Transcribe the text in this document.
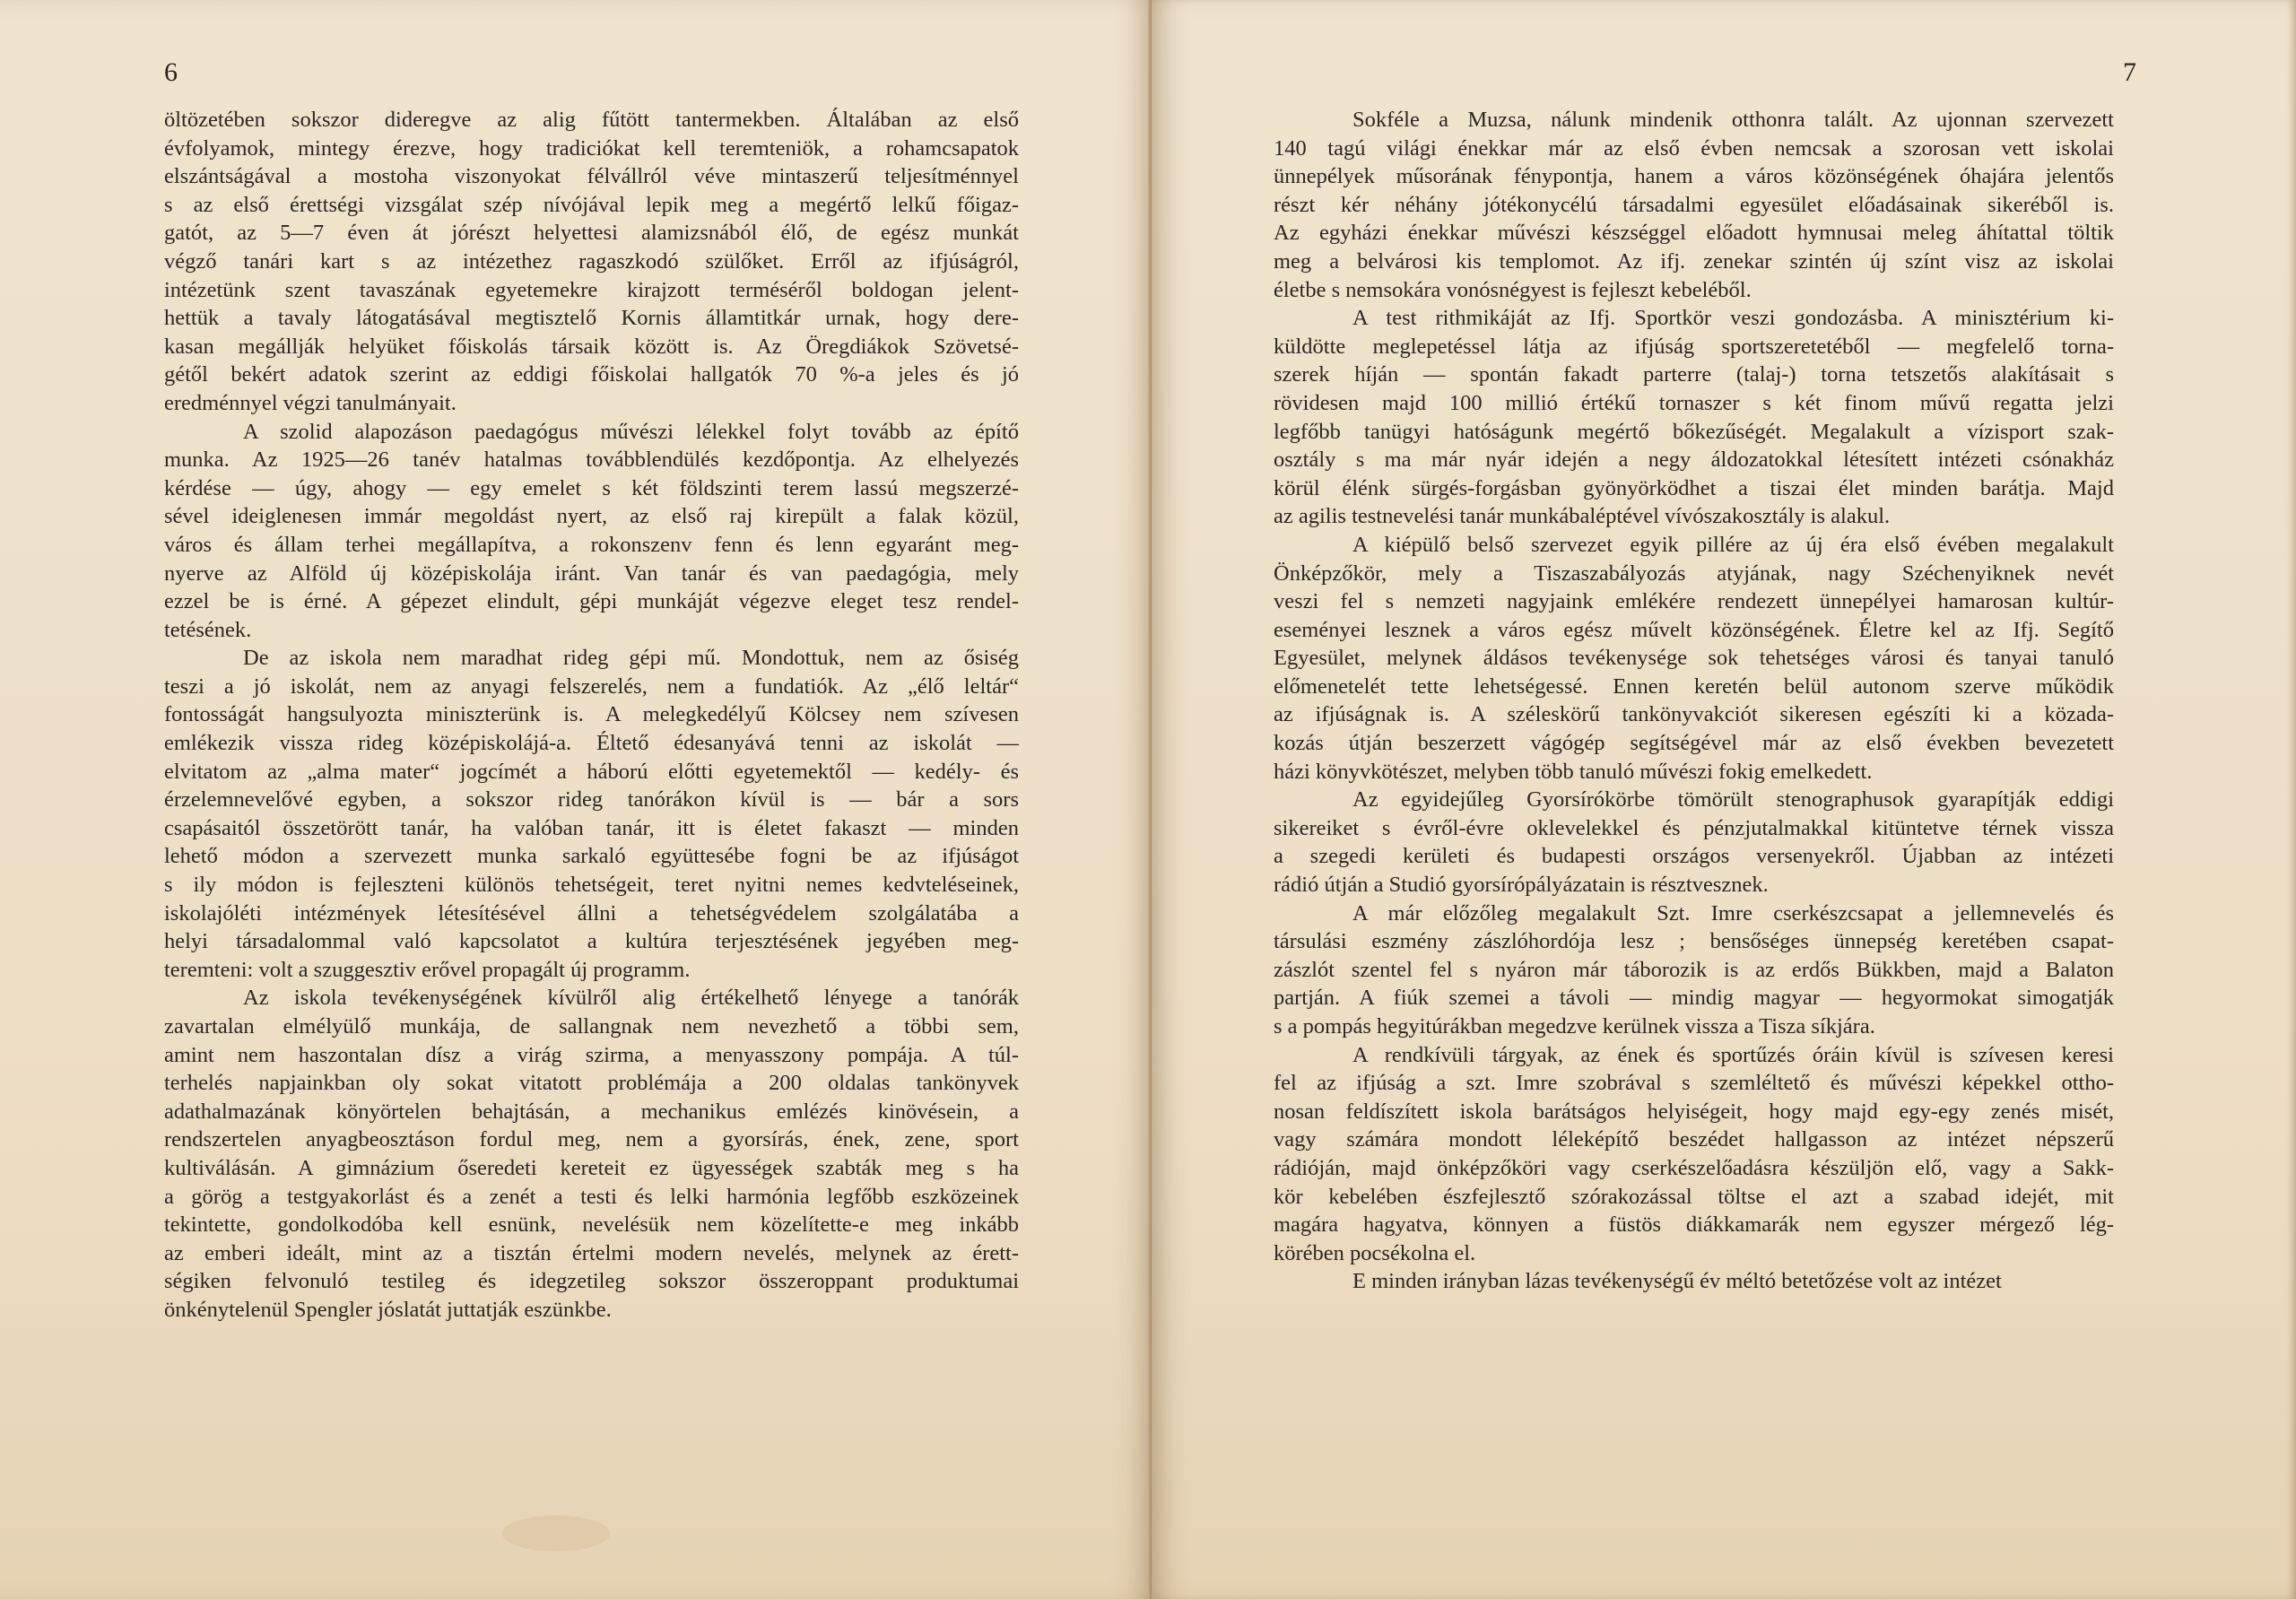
6
öltözetében sokszor dideregve az alig fűtött tantermekben. Általában az első
évfolyamok, mintegy érezve, hogy tradiciókat kell teremteniök, a rohamcsapatok
elszántságával a mostoha viszonyokat félvállról véve mintaszerű teljesítménnyel
s az első érettségi vizsgálat szép nívójával lepik meg a megértő lelkű főigaz-
gatót, az 5—7 éven át jórészt helyettesi alamizsnából élő, de egész munkát
végző tanári kart s az intézethez ragaszkodó szülőket. Erről az ifjúságról,
intézetünk szent tavaszának egyetemekre kirajzott terméséről boldogan jelent-
hettük a tavaly látogatásával megtisztelő Kornis államtitkár urnak, hogy dere-
kasan megállják helyüket főiskolás társaik között is. Az Öregdiákok Szövetsé-
gétől bekért adatok szerint az eddigi főiskolai hallgatók 70 %-a jeles és jó
eredménnyel végzi tanulmányait.
A szolid alapozáson paedagógus művészi lélekkel folyt tovább az építő
munka. Az 1925—26 tanév hatalmas továbblendülés kezdőpontja. Az elhelyezés
kérdése — úgy, ahogy — egy emelet s két földszinti terem lassú megszerzé-
sével ideiglenesen immár megoldást nyert, az első raj kirepült a falak közül,
város és állam terhei megállapítva, a rokonszenv fenn és lenn egyaránt meg-
nyerve az Alföld új középiskolája iránt. Van tanár és van paedagógia, mely
ezzel be is érné. A gépezet elindult, gépi munkáját végezve eleget tesz rendel-
tetésének.
De az iskola nem maradhat rideg gépi mű. Mondottuk, nem az ősiség
teszi a jó iskolát, nem az anyagi felszerelés, nem a fundatiók. Az „élő leltár“
fontosságát hangsulyozta miniszterünk is. A melegkedélyű Kölcsey nem szívesen
emlékezik vissza rideg középiskolájá-a. Éltető édesanyává tenni az iskolát —
elvitatom az „alma mater“ jogcímét a háború előtti egyetemektől — kedély- és
érzelemnevelővé egyben, a sokszor rideg tanórákon kívül is — bár a sors
csapásaitól összetörött tanár, ha valóban tanár, itt is életet fakaszt — minden
lehető módon a szervezett munka sarkaló együttesébe fogni be az ifjúságot
s ily módon is fejleszteni különös tehetségeit, teret nyitni nemes kedvteléseinek,
iskolajóléti intézmények létesítésével állni a tehetségvédelem szolgálatába a
helyi társadalommal való kapcsolatot a kultúra terjesztésének jegyében meg-
teremteni: volt a szuggesztiv erővel propagált új programm.
Az iskola tevékenységének kívülről alig értékelhető lényege a tanórák
zavartalan elmélyülő munkája, de sallangnak nem nevezhető a többi sem,
amint nem haszontalan dísz a virág szirma, a menyasszony pompája. A túl-
terhelés napjainkban oly sokat vitatott problémája a 200 oldalas tankönyvek
adathalmazának könyörtelen behajtásán, a mechanikus emlézés kinövésein, a
rendszertelen anyagbeosztáson fordul meg, nem a gyorsírás, ének, zene, sport
kultiválásán. A gimnázium őseredeti kereteit ez ügyességek szabták meg s ha
a görög a testgyakorlást és a zenét a testi és lelki harmónia legfőbb eszközeinek
tekintette, gondolkodóba kell esnünk, nevelésük nem közelítette-e meg inkább
az emberi ideált, mint az a tisztán értelmi modern nevelés, melynek az érett-
ségiken felvonuló testileg és idegzetileg sokszor összeroppant produktumai
önkénytelenül Spengler jóslatát juttatják eszünkbe.
7
Sokféle a Muzsa, nálunk mindenik otthonra talált. Az ujonnan szervezett
140 tagú világi énekkar már az első évben nemcsak a szorosan vett iskolai
ünnepélyek műsorának fénypontja, hanem a város közönségének óhajára jelentős
részt kér néhány jótékonycélú társadalmi egyesület előadásainak sikeréből is.
Az egyházi énekkar művészi készséggel előadott hymnusai meleg áhítattal töltik
meg a belvárosi kis templomot. Az ifj. zenekar szintén új színt visz az iskolai
életbe s nemsokára vonósnégyest is fejleszt kebeléből.
A test rithmikáját az Ifj. Sportkör veszi gondozásba. A minisztérium ki-
küldötte meglepetéssel látja az ifjúság sportszeretetéből — megfelelő torna-
szerek híján — spontán fakadt parterre (talaj-) torna tetszetős alakításait s
rövidesen majd 100 millió értékű tornaszer s két finom művű regatta jelzi
legfőbb tanügyi hatóságunk megértő bőkezűségét. Megalakult a vízisport szak-
osztály s ma már nyár idején a negy áldozatokkal létesített intézeti csónakház
körül élénk sürgés-forgásban gyönyörködhet a tiszai élet minden barátja. Majd
az agilis testnevelési tanár munkábaléptével vívószakosztály is alakul.
A kiépülő belső szervezet egyik pillére az új éra első évében megalakult
Önképzőkör, mely a Tiszaszabályozás atyjának, nagy Széchenyiknek nevét
veszi fel s nemzeti nagyjaink emlékére rendezett ünnepélyei hamarosan kultúr-
eseményei lesznek a város egész művelt közönségének. Életre kel az Ifj. Segítő
Egyesület, melynek áldásos tevékenysége sok tehetséges városi és tanyai tanuló
előmenetelét tette lehetségessé. Ennen keretén belül autonom szerve működik
az ifjúságnak is. A széleskörű tankönyvakciót sikeresen egészíti ki a közada-
kozás útján beszerzett vágógép segítségével már az első években bevezetett
házi könyvkötészet, melyben több tanuló művészi fokig emelkedett.
Az egyidejűleg Gyorsírókörbe tömörült stenographusok gyarapítják eddigi
sikereiket s évről-évre oklevelekkel és pénzjutalmakkal kitüntetve térnek vissza
a szegedi kerületi és budapesti országos versenyekről. Újabban az intézeti
rádió útján a Studió gyorsírópályázatain is résztvesznek.
A már előzőleg megalakult Szt. Imre cserkészcsapat a jellemnevelés és
társulási eszmény zászlóhordója lesz ; bensőséges ünnepség keretében csapat-
zászlót szentel fel s nyáron már táborozik is az erdős Bükkben, majd a Balaton
partján. A fiúk szemei a távoli — mindig magyar — hegyormokat simogatják
s a pompás hegyitúrákban megedzve kerülnek vissza a Tisza síkjára.
A rendkívüli tárgyak, az ének és sportűzés óráin kívül is szívesen keresi
fel az ifjúság a szt. Imre szobrával s szemléltető és művészi képekkel ottho-
nosan feldíszített iskola barátságos helyiségeit, hogy majd egy-egy zenés misét,
vagy számára mondott léleképítő beszédet hallgasson az intézet népszerű
rádióján, majd önképzőköri vagy cserkészelőadásra készüljön elő, vagy a Sakk-
kör kebelében észfejlesztő szórakozással töltse el azt a szabad idejét, mit
magára hagyatva, könnyen a füstös diákkamarák nem egyszer mérgező lég-
körében pocsékolna el.
E minden irányban lázas tevékenységű év méltó betetőzése volt az intézet
